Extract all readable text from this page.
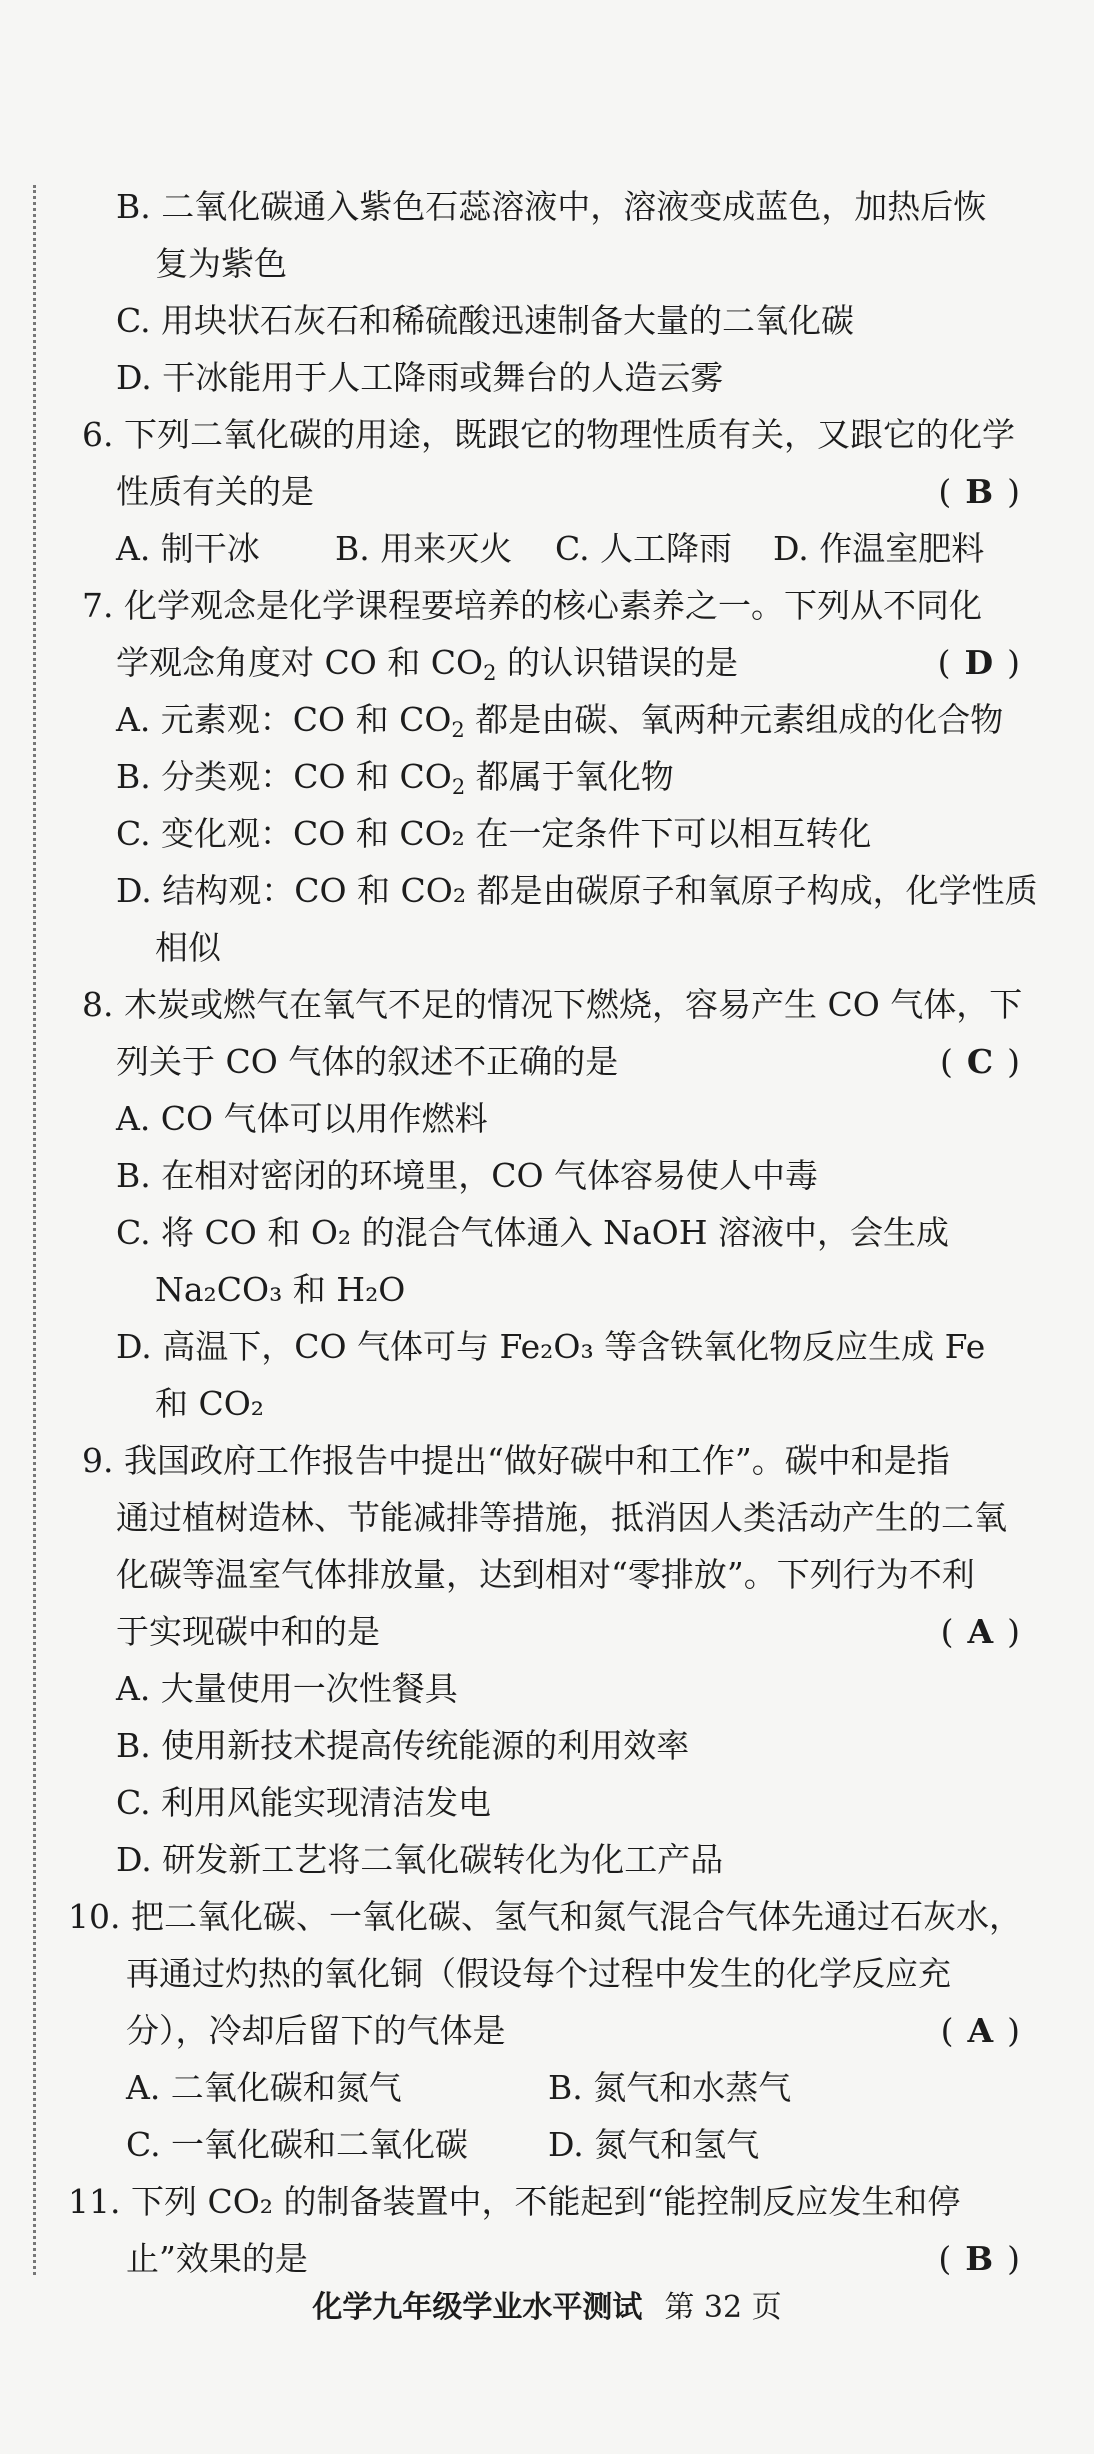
B. 二氧化碳通入紫色石蕊溶液中，溶液变成蓝色，加热后恢
复为紫色
C. 用块状石灰石和稀硫酸迅速制备大量的二氧化碳
D. 干冰能用于人工降雨或舞台的人造云雾
6. 下列二氧化碳的用途，既跟它的物理性质有关，又跟它的化学
性质有关的是
7. 化学观念是化学课程要培养的核心素养之一。下列从不同化
C. 变化观：CO 和 CO₂ 在一定条件下可以相互转化
D. 结构观：CO 和 CO₂ 都是由碳原子和氧原子构成，化学性质
相似
8. 木炭或燃气在氧气不足的情况下燃烧，容易产生 CO 气体，下
列关于 CO 气体的叙述不正确的是
A. CO 气体可以用作燃料
B. 在相对密闭的环境里，CO 气体容易使人中毒
C. 将 CO 和 O₂ 的混合气体通入 NaOH 溶液中，会生成
Na₂CO₃ 和 H₂O
D. 高温下，CO 气体可与 Fe₂O₃ 等含铁氧化物反应生成 Fe
和 CO₂
9. 我国政府工作报告中提出“做好碳中和工作”。碳中和是指
通过植树造林、节能减排等措施，抵消因人类活动产生的二氧
化碳等温室气体排放量，达到相对“零排放”。下列行为不利
于实现碳中和的是
A. 大量使用一次性餐具
B. 使用新技术提高传统能源的利用效率
C. 利用风能实现清洁发电
D. 研发新工艺将二氧化碳转化为化工产品
10. 把二氧化碳、一氧化碳、氢气和氮气混合气体先通过石灰水，
再通过灼热的氧化铜（假设每个过程中发生的化学反应充
分），冷却后留下的气体是
A. 二氧化碳和氮气	B. 氮气和水蒸气
C. 一氧化碳和二氧化碳 D. 氮气和氢气
11. 下列 CO₂ 的制备装置中，不能起到“能控制反应发生和停
止”效果的是
A. 制干冰 B. 用来灭火 C. 人工降雨 D. 作温室肥料
学观念角度对 CO 和 $CO_2$ 的认识错误的是
A. 元素观：CO 和 $CO_2$ 都是由碳、氧两种元素组成的化合物
B. 分类观：CO 和 $CO_2$ 都属于氧化物
(B)
(D)
(C)
(A)
(A)
(B)
化学九年级学业水平测试 第 32 页
